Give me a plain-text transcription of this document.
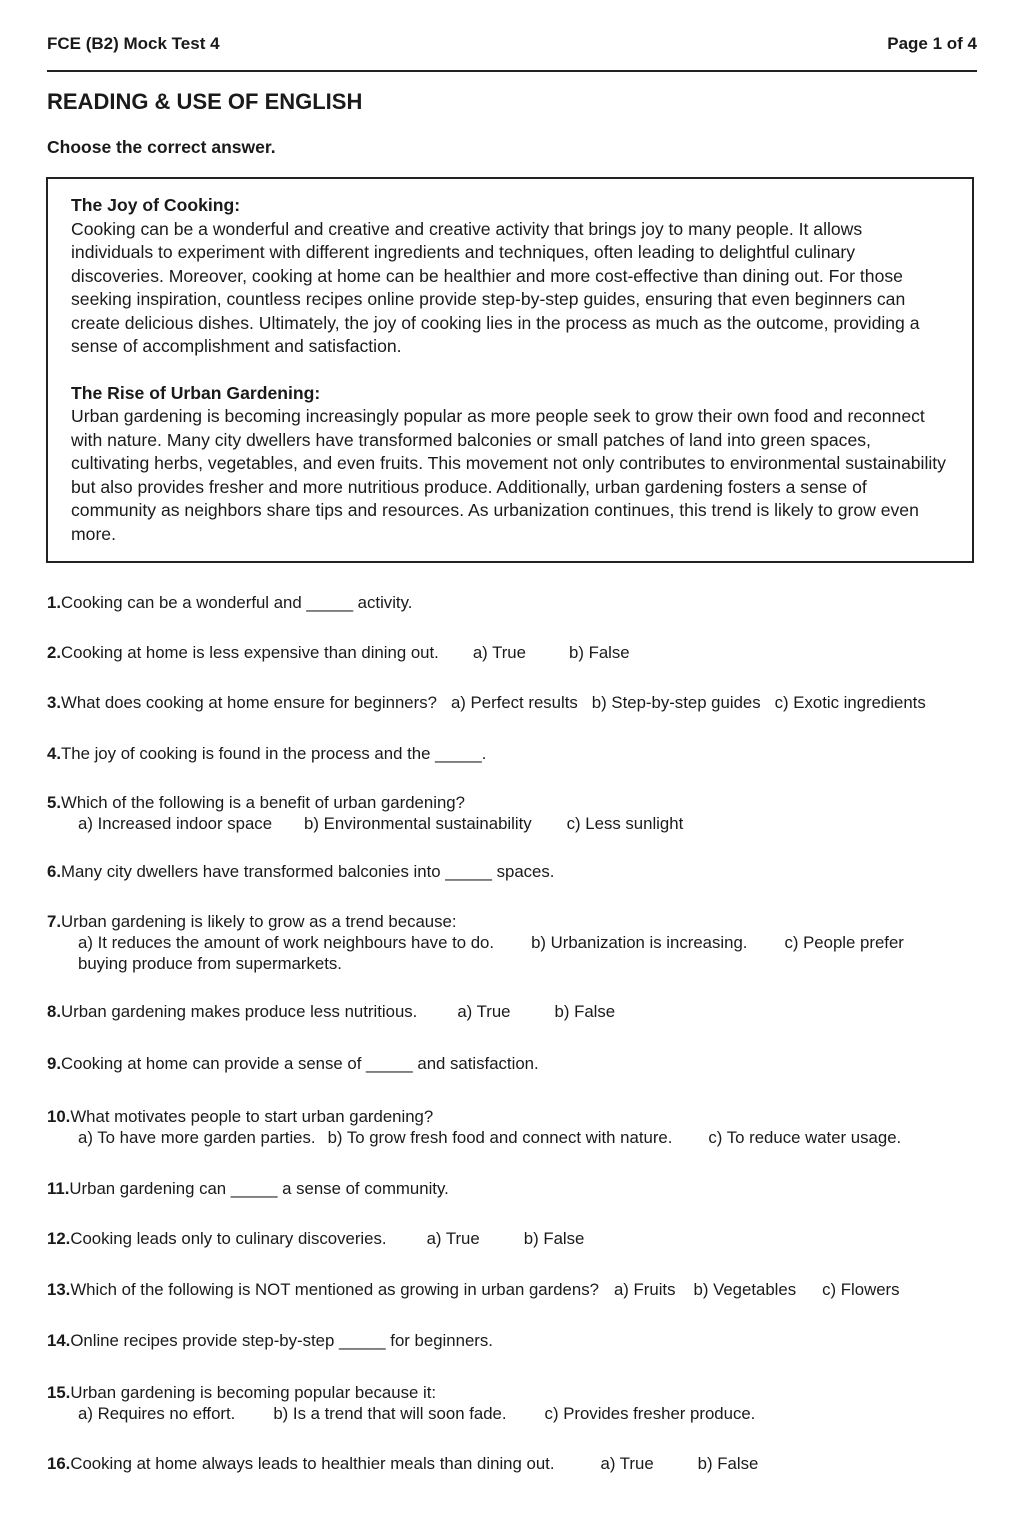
FCE (B2) Mock Test 4	Page 1 of 4
READING & USE OF ENGLISH
Choose the correct answer.
The Joy of Cooking:

Cooking can be a wonderful and creative and creative activity that brings joy to many people. It allows individuals to experiment with different ingredients and techniques, often leading to delightful culinary discoveries. Moreover, cooking at home can be healthier and more cost-effective than dining out. For those seeking inspiration, countless recipes online provide step-by-step guides, ensuring that even beginners can create delicious dishes. Ultimately, the joy of cooking lies in the process as much as the outcome, providing a sense of accomplishment and satisfaction.

The Rise of Urban Gardening:

Urban gardening is becoming increasingly popular as more people seek to grow their own food and reconnect with nature. Many city dwellers have transformed balconies or small patches of land into green spaces, cultivating herbs, vegetables, and even fruits. This movement not only contributes to environmental sustainability but also provides fresher and more nutritious produce. Additionally, urban gardening fosters a sense of community as neighbors share tips and resources. As urbanization continues, this trend is likely to grow even more.

1.Cooking can be a wonderful and _____ activity.
2.Cooking at home is less expensive than dining out. a) True	b) False
3.What does cooking at home ensure for beginners? a) Perfect results b) Step-by-step guides c) Exotic ingredients
4.The joy of cooking is found in the process and the _____.
5.Which of the following is a benefit of urban gardening?
a) Increased indoor space b) Environmental sustainability c) Less sunlight
6.Many city dwellers have transformed balconies into _____ spaces.
7.Urban gardening is likely to grow as a trend because:
a) It reduces the amount of work neighbours have to do. b) Urbanization is increasing. c) People prefer
buying produce from supermarkets.
8.Urban gardening makes produce less nutritious. a) True	b) False
9.Cooking at home can provide a sense of _____ and satisfaction.
10.What motivates people to start urban gardening?
a) To have more garden parties. b) To grow fresh food and connect with nature. c) To reduce water usage.
11.Urban gardening can _____ a sense of community.
12.Cooking leads only to culinary discoveries. a) True	b) False
13.Which of the following is NOT mentioned as growing in urban gardens? a) Fruits b) Vegetables c) Flowers
14.Online recipes provide step-by-step _____ for beginners.
15.Urban gardening is becoming popular because it:
a) Requires no effort. b) Is a trend that will soon fade. c) Provides fresher produce.
16.Cooking at home always leads to healthier meals than dining out.	a) True	b) False
